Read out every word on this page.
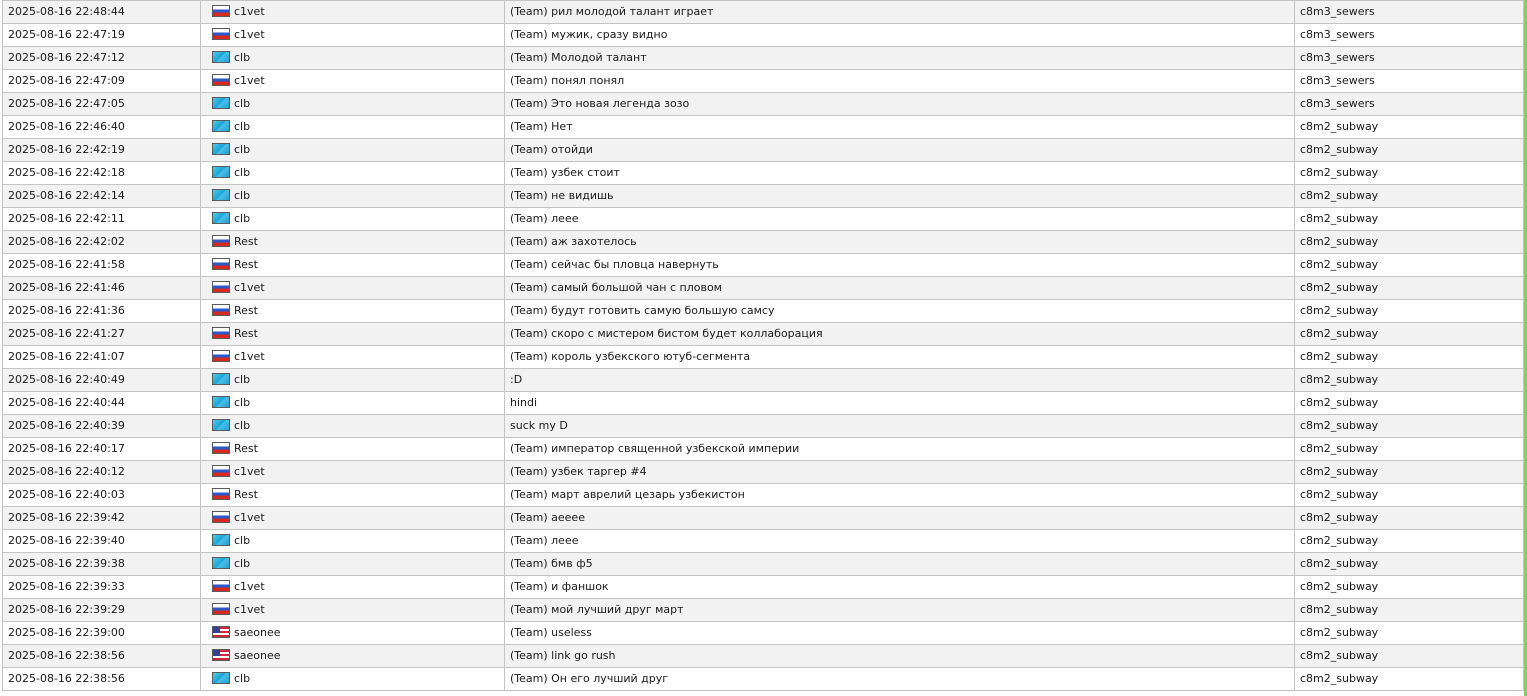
2025-08-16 22:48:44	c1vet	(Team) рил молодой талант играет	c8m3_sewers
2025-08-16 22:47:19	c1vet	(Team) мужик, сразу видно	c8m3_sewers
2025-08-16 22:47:12	clb	(Team) Молодой талант	c8m3_sewers
2025-08-16 22:47:09	c1vet	(Team) понял понял	c8m3_sewers
2025-08-16 22:47:05	clb	(Team) Это новая легенда зозо	c8m3_sewers
2025-08-16 22:46:40	clb	(Team) Нет	c8m2_subway
2025-08-16 22:42:19	clb	(Team) отойди	c8m2_subway
2025-08-16 22:42:18	clb	(Team) узбек стоит	c8m2_subway
2025-08-16 22:42:14	clb	(Team) не видишь	c8m2_subway
2025-08-16 22:42:11	clb	(Team) леее	c8m2_subway
2025-08-16 22:42:02	Rest	(Team) аж захотелось	c8m2_subway
2025-08-16 22:41:58	Rest	(Team) сейчас бы пловца навернуть	c8m2_subway
2025-08-16 22:41:46	c1vet	(Team) самый большой чан с пловом	c8m2_subway
2025-08-16 22:41:36	Rest	(Team) будут готовить самую большую самсу	c8m2_subway
2025-08-16 22:41:27	Rest	(Team) скоро с мистером бистом будет коллаборация	c8m2_subway
2025-08-16 22:41:07	c1vet	(Team) король узбекского ютуб-сегмента	c8m2_subway
2025-08-16 22:40:49	clb	:D	c8m2_subway
2025-08-16 22:40:44	clb	hindi	c8m2_subway
2025-08-16 22:40:39	clb	suck my D	c8m2_subway
2025-08-16 22:40:17	Rest	(Team) император священной узбекской империи	c8m2_subway
2025-08-16 22:40:12	c1vet	(Team) узбек таргер #4	c8m2_subway
2025-08-16 22:40:03	Rest	(Team) март аврелий цезарь узбекистон	c8m2_subway
2025-08-16 22:39:42	c1vet	(Team) аееее	c8m2_subway
2025-08-16 22:39:40	clb	(Team) леее	c8m2_subway
2025-08-16 22:39:38	clb	(Team) бмв ф5	c8m2_subway
2025-08-16 22:39:33	c1vet	(Team) и фаншок	c8m2_subway
2025-08-16 22:39:29	c1vet	(Team) мой лучший друг март	c8m2_subway
2025-08-16 22:39:00	saeonee	(Team) useless	c8m2_subway
2025-08-16 22:38:56	saeonee	(Team) link go rush	c8m2_subway
2025-08-16 22:38:56	clb	(Team) Он его лучший друг	c8m2_subway
